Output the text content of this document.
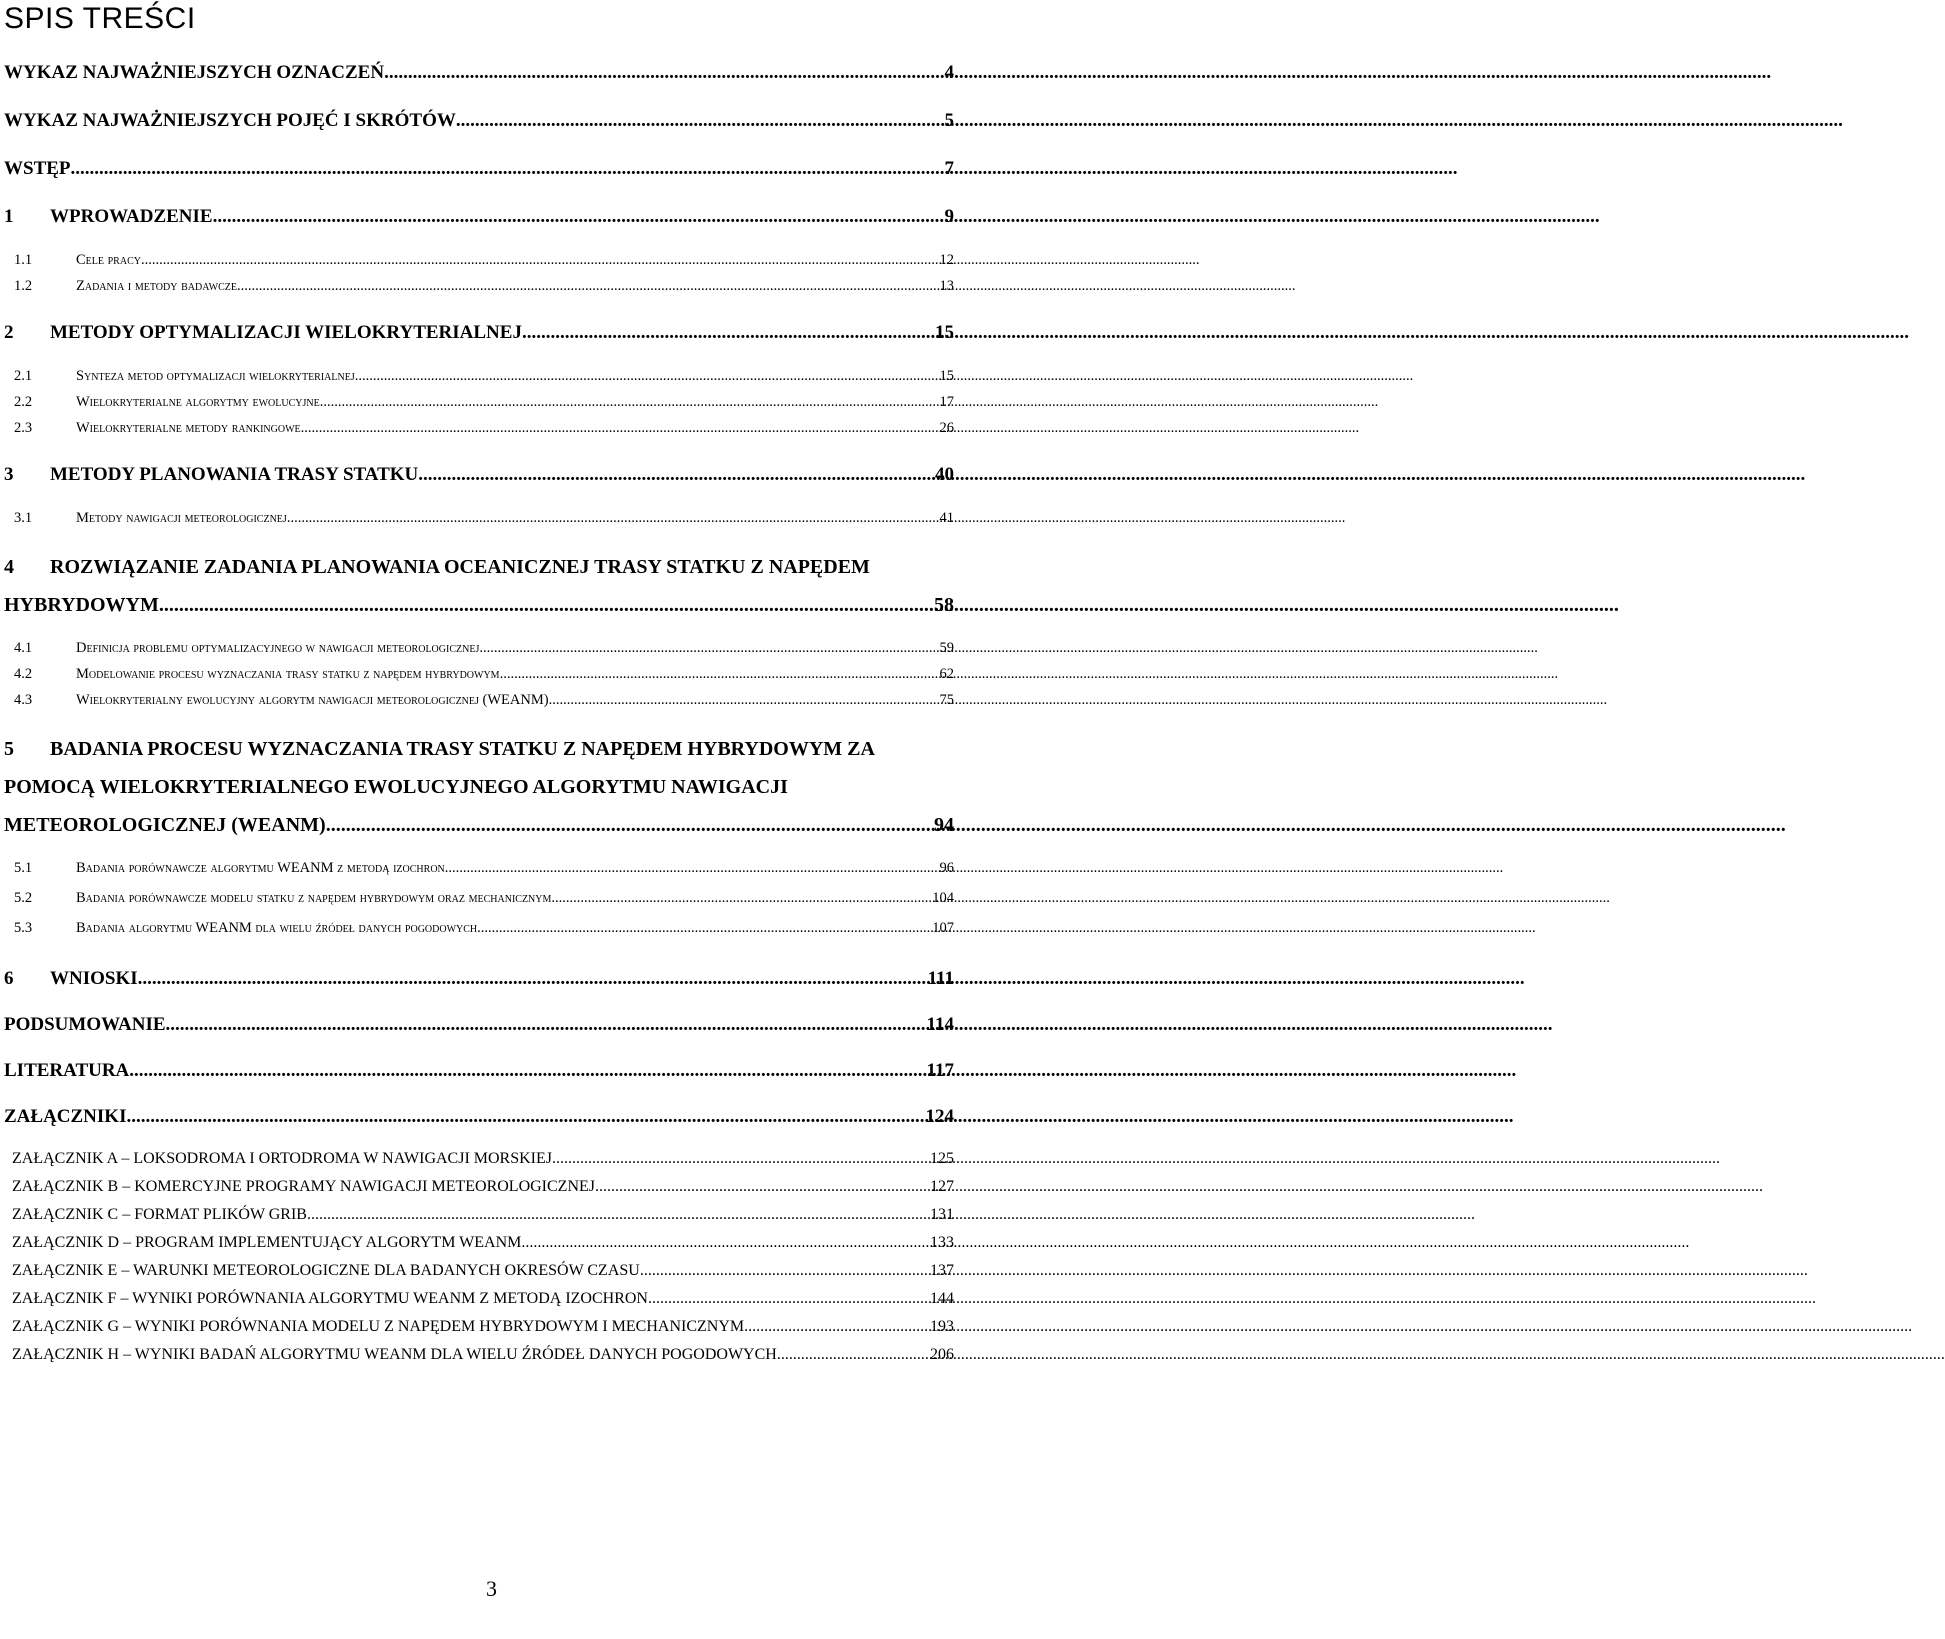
SPIS TREŚCI
WYKAZ NAJWAŻNIEJSZYCH OZNACZEŃ .....	4
WYKAZ NAJWAŻNIEJSZYCH POJĘĆ I SKRÓTÓW .....	5
WSTĘP .....	7
1	WPROWADZENIE .....	9
1.1	Cele pracy .....	12
1.2	Zadania i metody badawcze .....	13
2	METODY OPTYMALIZACJI WIELOKRYTERIALNEJ .....	15
2.1	Synteza metod optymalizacji wielokryterialnej .....	15
2.2	Wielokryterialne algorytmy ewolucyjne .....	17
2.3	Wielokryterialne metody rankingowe .....	26
3	METODY PLANOWANIA TRASY STATKU .....	40
3.1	Metody nawigacji meteorologicznej .....	41
4 ROZWIĄZANIE ZADANIA PLANOWANIA OCEANICZNEJ TRASY STATKU Z NAPĘDEM
HYBRYDOWYM .....	58
4.1	Definicja problemu optymalizacyjnego w nawigacji meteorologicznej .....	59
4.2	Modelowanie procesu wyznaczania trasy statku z napędem hybrydowym .....	62
4.3	Wielokryterialny ewolucyjny algorytm nawigacji meteorologicznej (WEANM) .....	75
5 BADANIA PROCESU WYZNACZANIA TRASY STATKU Z NAPĘDEM HYBRYDOWYM ZA
POMOCĄ WIELOKRYTERIALNEGO EWOLUCYJNEGO ALGORYTMU NAWIGACJI
METEOROLOGICZNEJ (WEANM) .....	94
5.1	Badania porównawcze algorytmu WEANM z metodą izochron .....	96
5.2	Badania porównawcze modelu statku z napędem hybrydowym oraz mechanicznym .....	104
5.3	Badania algorytmu WEANM dla wielu źródeł danych pogodowych .....	107
6	WNIOSKI .....	111
PODSUMOWANIE .....	114
LITERATURA .....	117
ZAŁĄCZNIKI .....	124
ZAŁĄCZNIK A – LOKSODROMA I ORTODROMA W NAWIGACJI MORSKIEJ .....	125
ZAŁĄCZNIK B – KOMERCYJNE PROGRAMY NAWIGACJI METEOROLOGICZNEJ .....	127
ZAŁĄCZNIK C – FORMAT PLIKÓW GRIB .....	131
ZAŁĄCZNIK D – PROGRAM IMPLEMENTUJĄCY ALGORYTM WEANM .....	133
ZAŁĄCZNIK E – WARUNKI METEOROLOGICZNE DLA BADANYCH OKRESÓW CZASU .....	137
ZAŁĄCZNIK F – WYNIKI PORÓWNANIA ALGORYTMU WEANM Z METODĄ IZOCHRON .....	144
ZAŁĄCZNIK G – WYNIKI PORÓWNANIA MODELU Z NAPĘDEM HYBRYDOWYM I MECHANICZNYM .....	193
ZAŁĄCZNIK H – WYNIKI BADAŃ ALGORYTMU WEANM DLA WIELU ŹRÓDEŁ DANYCH POGODOWYCH .....	206
3
